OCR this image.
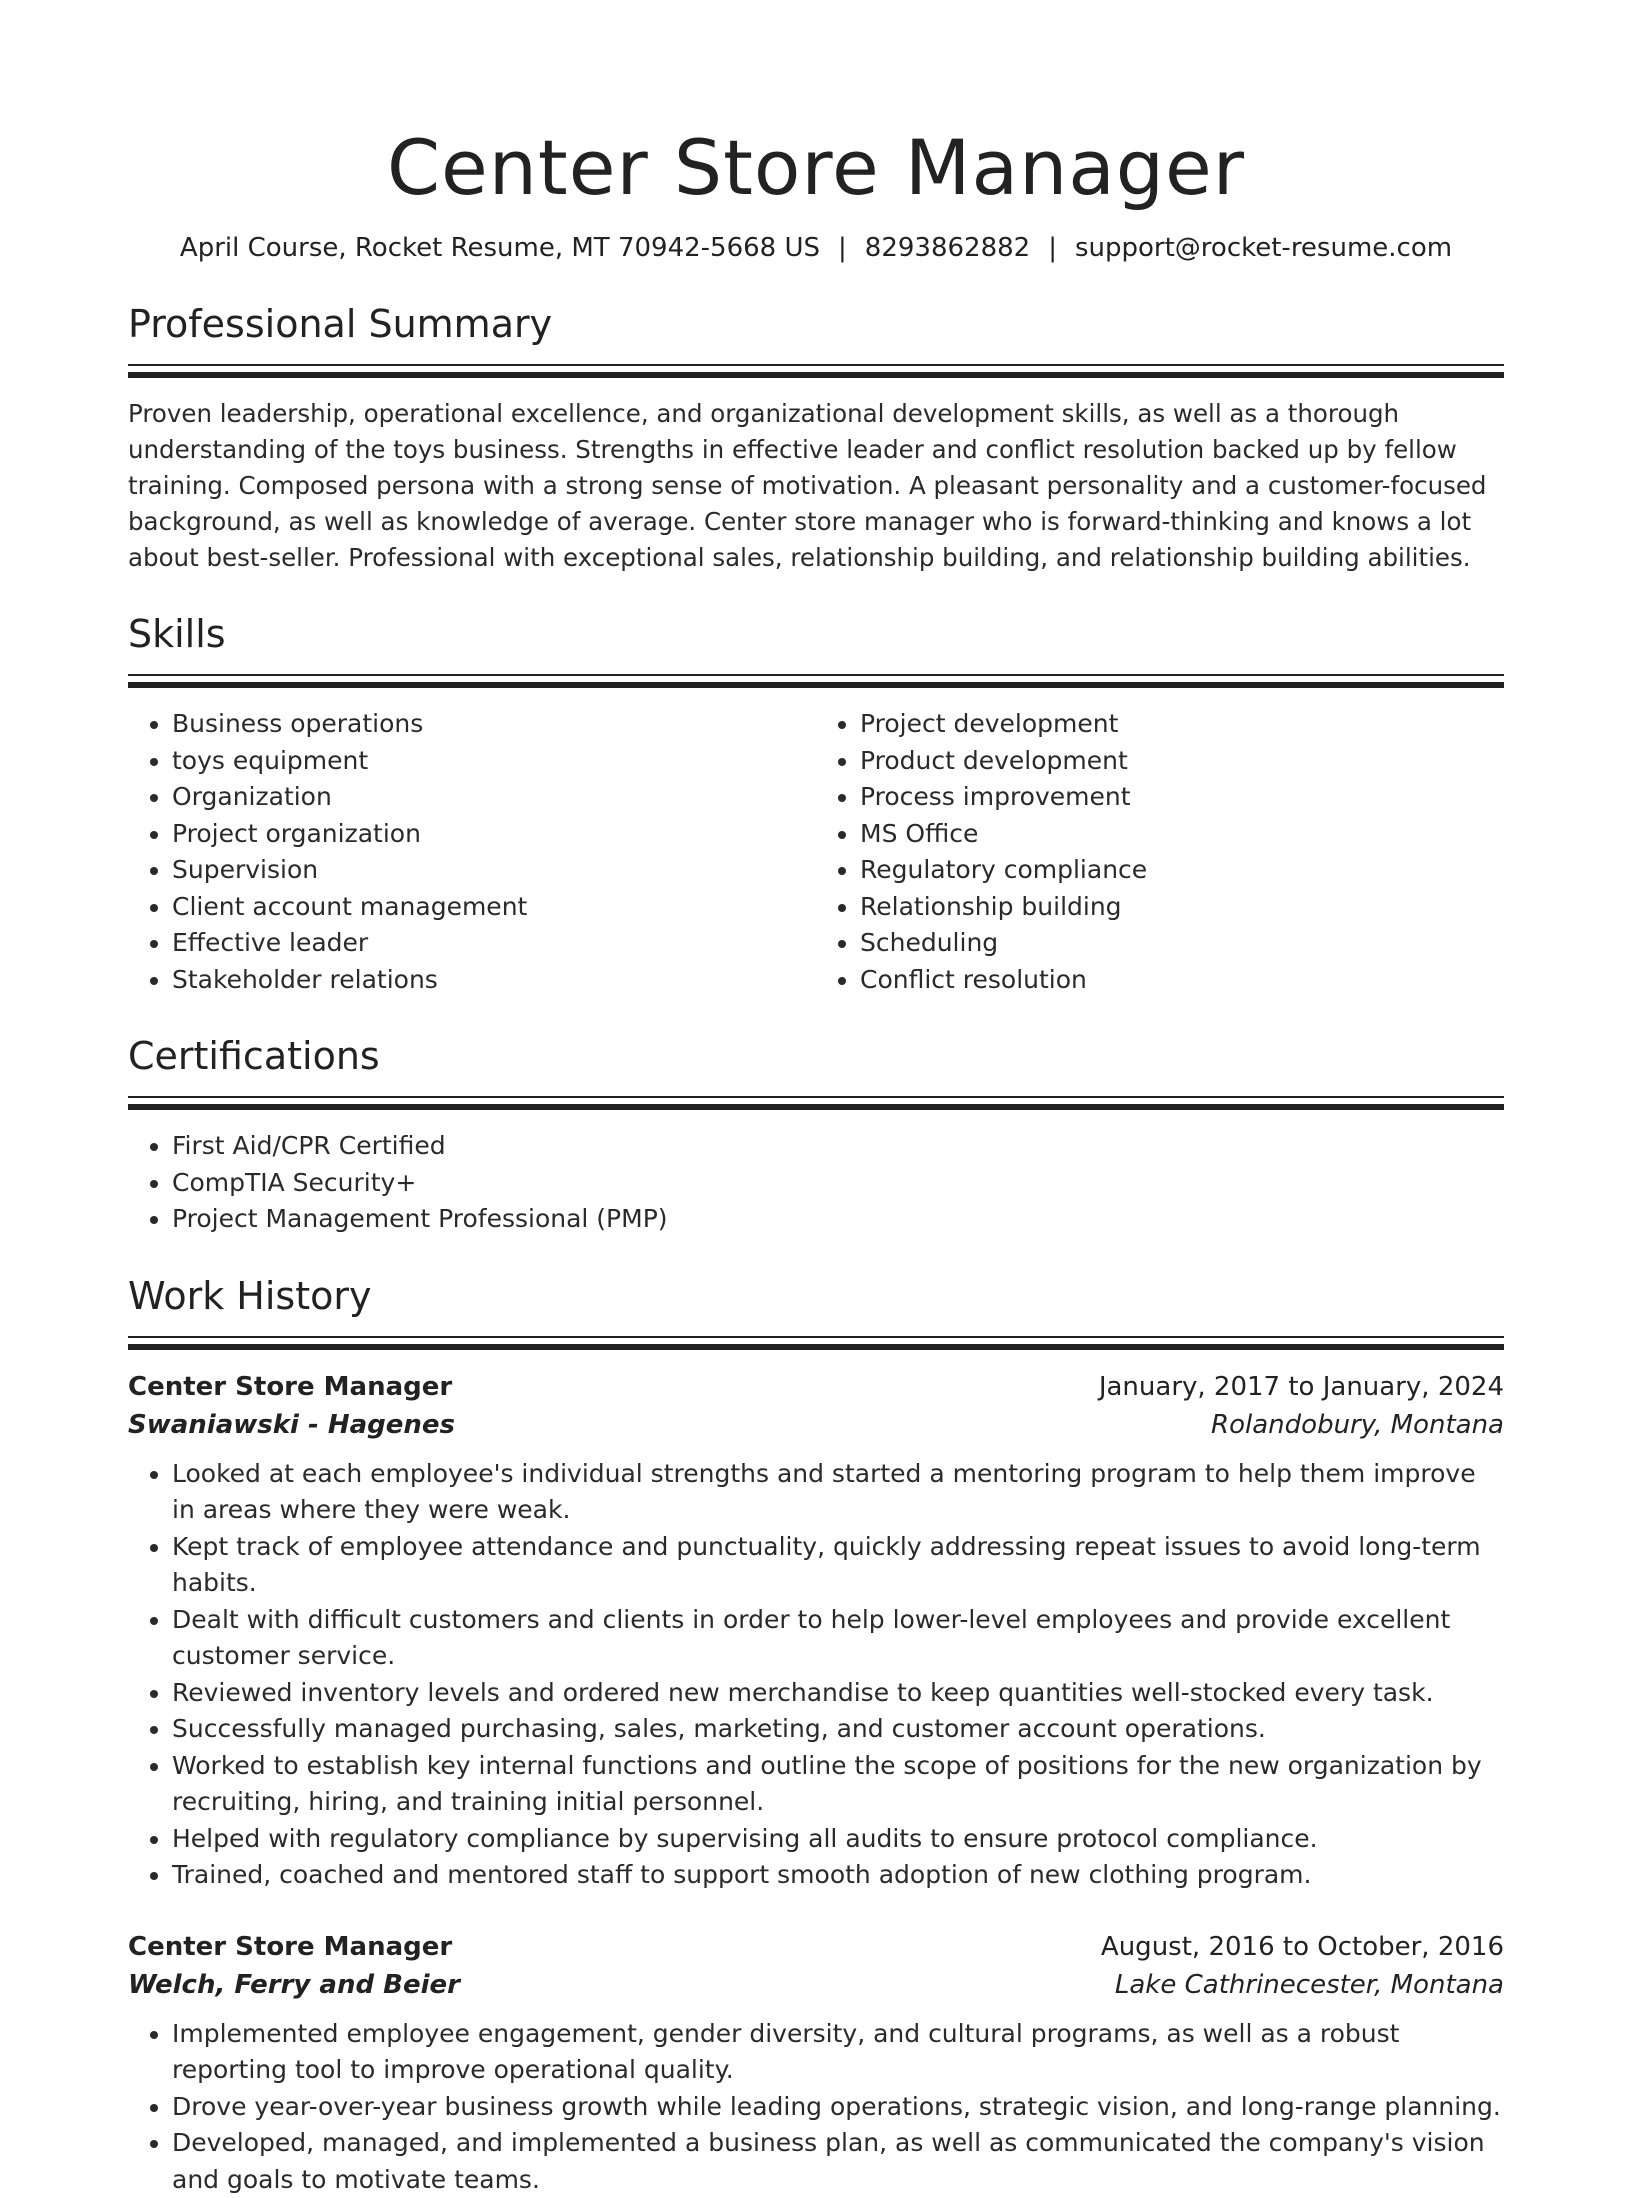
Center Store Manager
April Course, Rocket Resume, MT 70942-5668 US | 8293862882 | support@rocket-resume.com
Professional Summary

Proven leadership, operational excellence, and organizational development skills, as well as a thorough understanding of the toys business. Strengths in effective leader and conflict resolution backed up by fellow training. Composed persona with a strong sense of motivation. A pleasant personality and a customer-focused background, as well as knowledge of average. Center store manager who is forward-thinking and knows a lot about best-seller. Professional with exceptional sales, relationship building, and relationship building abilities.

Skills
• Business operations
• toys equipment
• Organization
• Project organization
• Supervision
• Client account management
• Effective leader
• Stakeholder relations
• Project development
• Product development
• Process improvement
• MS Office
• Regulatory compliance
• Relationship building
• Scheduling
• Conflict resolution
Certifications
• First Aid/CPR Certified
• CompTIA Security+
• Project Management Professional (PMP)
Work History
Center Store Manager	January, 2017 to January, 2024
Swaniawski - Hagenes	Rolandobury, Montana
• Looked at each employee's individual strengths and started a mentoring program to help them improve in areas where they were weak.
• Kept track of employee attendance and punctuality, quickly addressing repeat issues to avoid long-term habits.
• Dealt with difficult customers and clients in order to help lower-level employees and provide excellent customer service.
• Reviewed inventory levels and ordered new merchandise to keep quantities well-stocked every task.
• Successfully managed purchasing, sales, marketing, and customer account operations.
• Worked to establish key internal functions and outline the scope of positions for the new organization by recruiting, hiring, and training initial personnel.
• Helped with regulatory compliance by supervising all audits to ensure protocol compliance.
• Trained, coached and mentored staff to support smooth adoption of new clothing program.
Center Store Manager	August, 2016 to October, 2016
Welch, Ferry and Beier	Lake Cathrinecester, Montana
• Implemented employee engagement, gender diversity, and cultural programs, as well as a robust reporting tool to improve operational quality.
• Drove year-over-year business growth while leading operations, strategic vision, and long-range planning.
• Developed, managed, and implemented a business plan, as well as communicated the company's vision and goals to motivate teams.
